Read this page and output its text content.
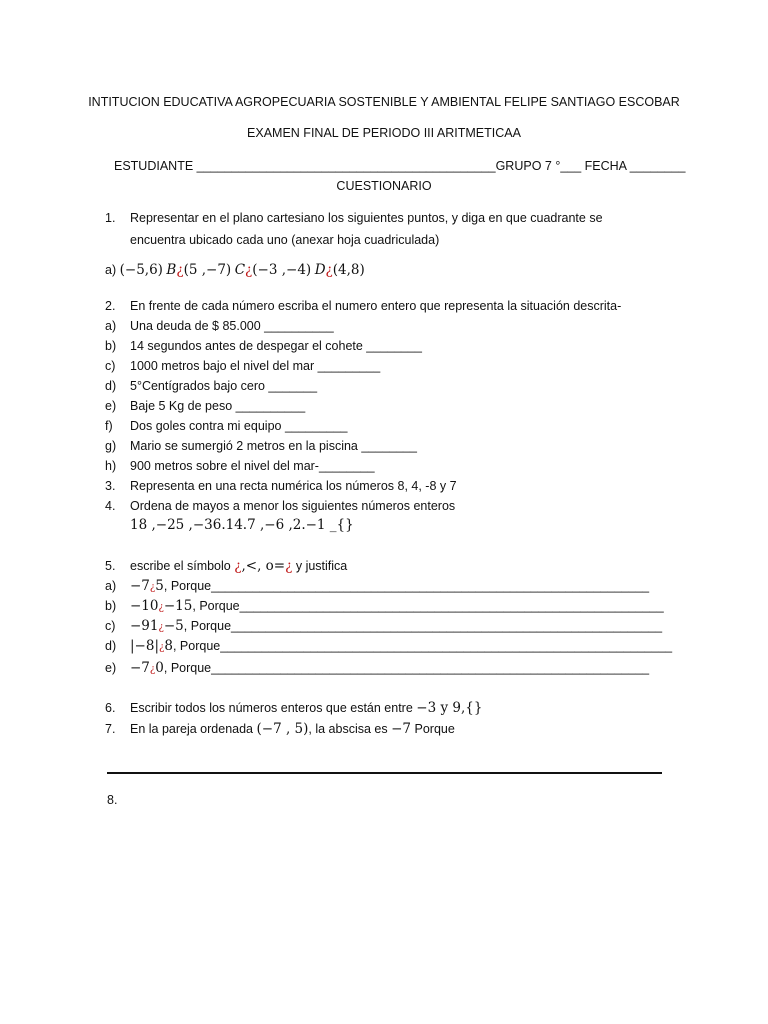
INTITUCION EDUCATIVA AGROPECUARIA SOSTENIBLE Y AMBIENTAL FELIPE SANTIAGO ESCOBAR
EXAMEN FINAL DE PERIODO III ARITMETICAA
ESTUDIANTE ___________________________________________GRUPO 7 °___ FECHA ________
CUESTIONARIO
1. Representar en el plano cartesiano los siguientes puntos, y diga en que cuadrante se
encuentra ubicado cada uno (anexar hoja cuadriculada)
a) (−5,6) B¿(5 ,−7) C¿(−3 ,−4) D¿(4,8)
2. En frente de cada número escriba el numero entero que representa la situación descrita-
a) Una deuda de $ 85.000 __________
b) 14 segundos antes de despegar el cohete ________
c) 1000 metros bajo el nivel del mar _________
d) 5°Centígrados bajo cero _______
e) Baje 5 Kg de peso __________
f) Dos goles contra mi equipo _________
g) Mario se sumergió 2 metros en la piscina ________
h) 900 metros sobre el nivel del mar-________
3. Representa en una recta numérica los números 8, 4, -8 y 7
4. Ordena de mayos a menor los siguientes números enteros
18 ,−25 ,−36.14.7 ,−6 ,2.−1 _{}
5. escribe el símbolo ¿,<, o=¿ y justifica
a) −7¿5, Porque_______________________________________________________________
b) −10¿−15, Porque_____________________________________________________________
c) −91¿−5, Porque______________________________________________________________
d) |−8|¿8, Porque_________________________________________________________________
e) −7¿0, Porque_______________________________________________________________
6. Escribir todos los números enteros que están entre −3 y 9,{}
7. En la pareja ordenada (−7 , 5), la abscisa es −7 Porque
8.
